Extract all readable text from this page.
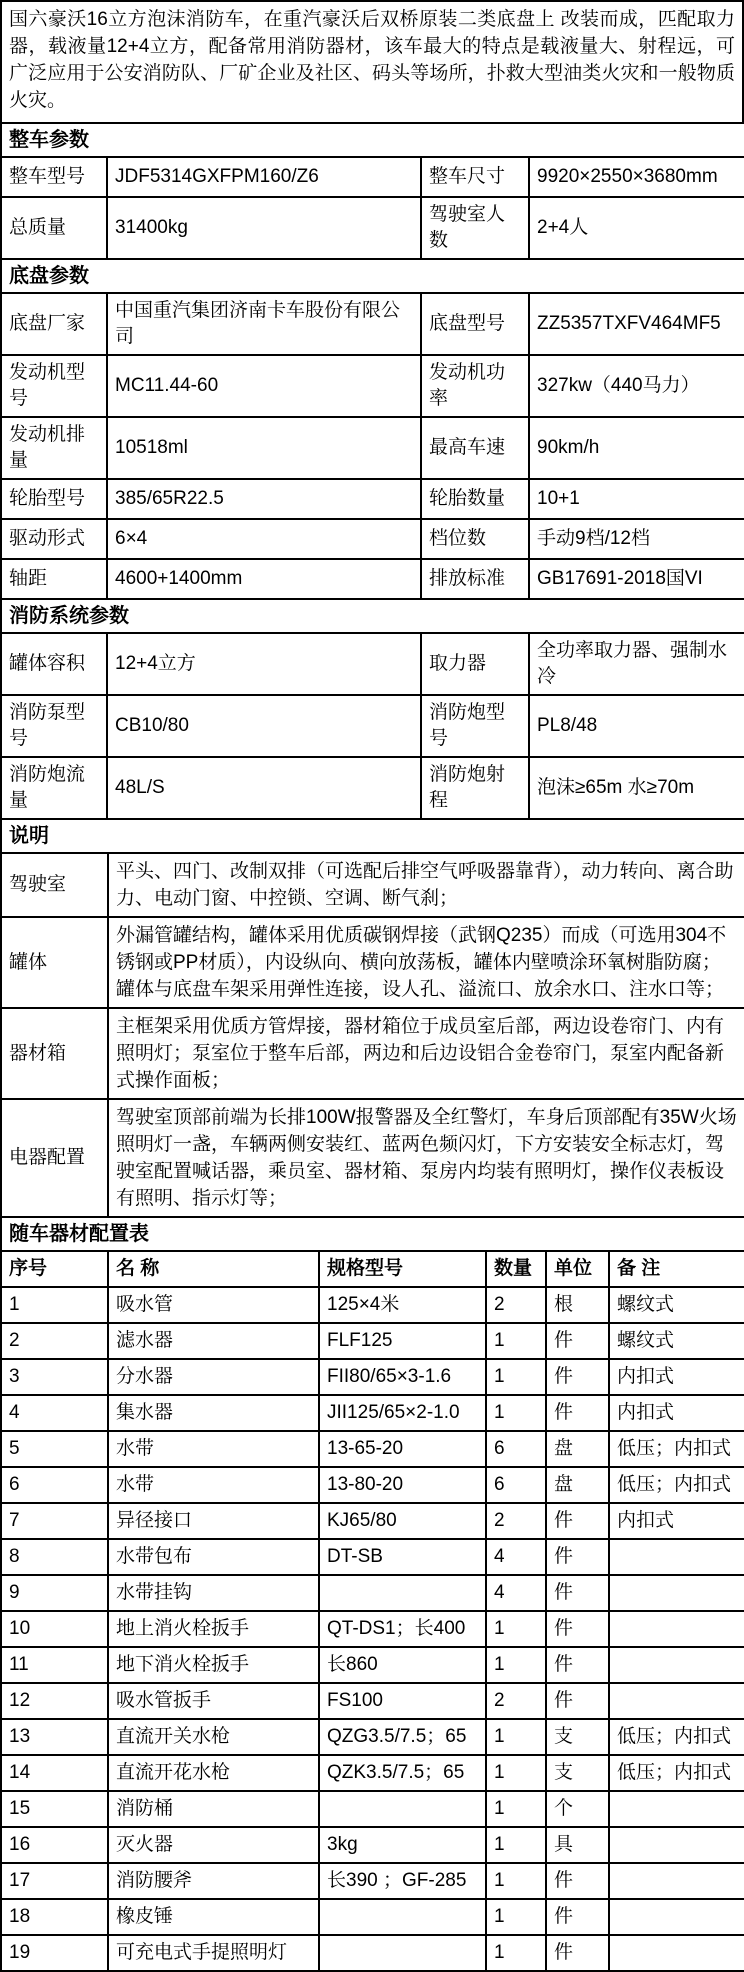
国六豪沃16立方泡沫消防车，在重汽豪沃后双桥原装二类底盘上 改装而成，匹配取力器，载液量12+4立方，配备常用消防器材，该车最大的特点是载液量大、射程远，可广泛应用于公安消防队、厂矿企业及社区、码头等场所，扑救大型油类火灾和一般物质火灾。
整车参数			
整车型号	JDF5314GXFPM160/Z6	整车尺寸	9920×2550×3680mm
总质量	31400kg	驾驶室人数	2+4人
底盘参数			
底盘厂家	中国重汽集团济南卡车股份有限公司	底盘型号	ZZ5357TXFV464MF5
发动机型号	MC11.44-60	发动机功率	327kw（440马力）
发动机排量	10518ml	最高车速	90km/h
轮胎型号	385/65R22.5	轮胎数量	10+1
驱动形式	6×4	档位数	手动9档/12档
轴距	4600+1400mm	排放标准	GB17691-2018国VI
消防系统参数			
罐体容积	12+4立方	取力器	全功率取力器、强制水冷
消防泵型号	CB10/80	消防炮型号	PL8/48
消防炮流量	48L/S	消防炮射程	泡沫≥65m 水≥70m
说明	
驾驶室	平头、四门、改制双排（可选配后排空气呼吸器靠背），动力转向、离合助力、电动门窗、中控锁、空调、断气刹；
罐体	外漏管罐结构，罐体采用优质碳钢焊接（武钢Q235）而成（可选用304不锈钢或PP材质），内设纵向、横向放荡板，罐体内壁喷涂环氧树脂防腐；罐体与底盘车架采用弹性连接，设人孔、溢流口、放余水口、注水口等；
器材箱	主框架采用优质方管焊接，器材箱位于成员室后部，两边设卷帘门、内有照明灯；泵室位于整车后部，两边和后边设铝合金卷帘门，泵室内配备新式操作面板；
电器配置	驾驶室顶部前端为长排100W报警器及全红警灯，车身后顶部配有35W火场照明灯一盏，车辆两侧安装红、蓝两色频闪灯，下方安装安全标志灯，驾驶室配置喊话器，乘员室、器材箱、泵房内均装有照明灯，操作仪表板设有照明、指示灯等；
随车器材配置表					
序号	名 称	规格型号	数量	单位	备 注
1	吸水管	125×4米	2	根	螺纹式
2	滤水器	FLF125	1	件	螺纹式
3	分水器	FII80/65×3-1.6	1	件	内扣式
4	集水器	JII125/65×2-1.0	1	件	内扣式
5	水带	13-65-20	6	盘	低压；内扣式
6	水带	13-80-20	6	盘	低压；内扣式
7	异径接口	KJ65/80	2	件	内扣式
8	水带包布	DT-SB	4	件	
9	水带挂钩		4	件	
10	地上消火栓扳手	QT-DS1；长400	1	件	
11	地下消火栓扳手	长860	1	件	
12	吸水管扳手	FS100	2	件	
13	直流开关水枪	QZG3.5/7.5；65	1	支	低压；内扣式
14	直流开花水枪	QZK3.5/7.5；65	1	支	低压；内扣式
15	消防桶		1	个	
16	灭火器	3kg	1	具	
17	消防腰斧	长390 ；GF-285	1	件	
18	橡皮锤		1	件	
19	可充电式手提照明灯		1	件	
